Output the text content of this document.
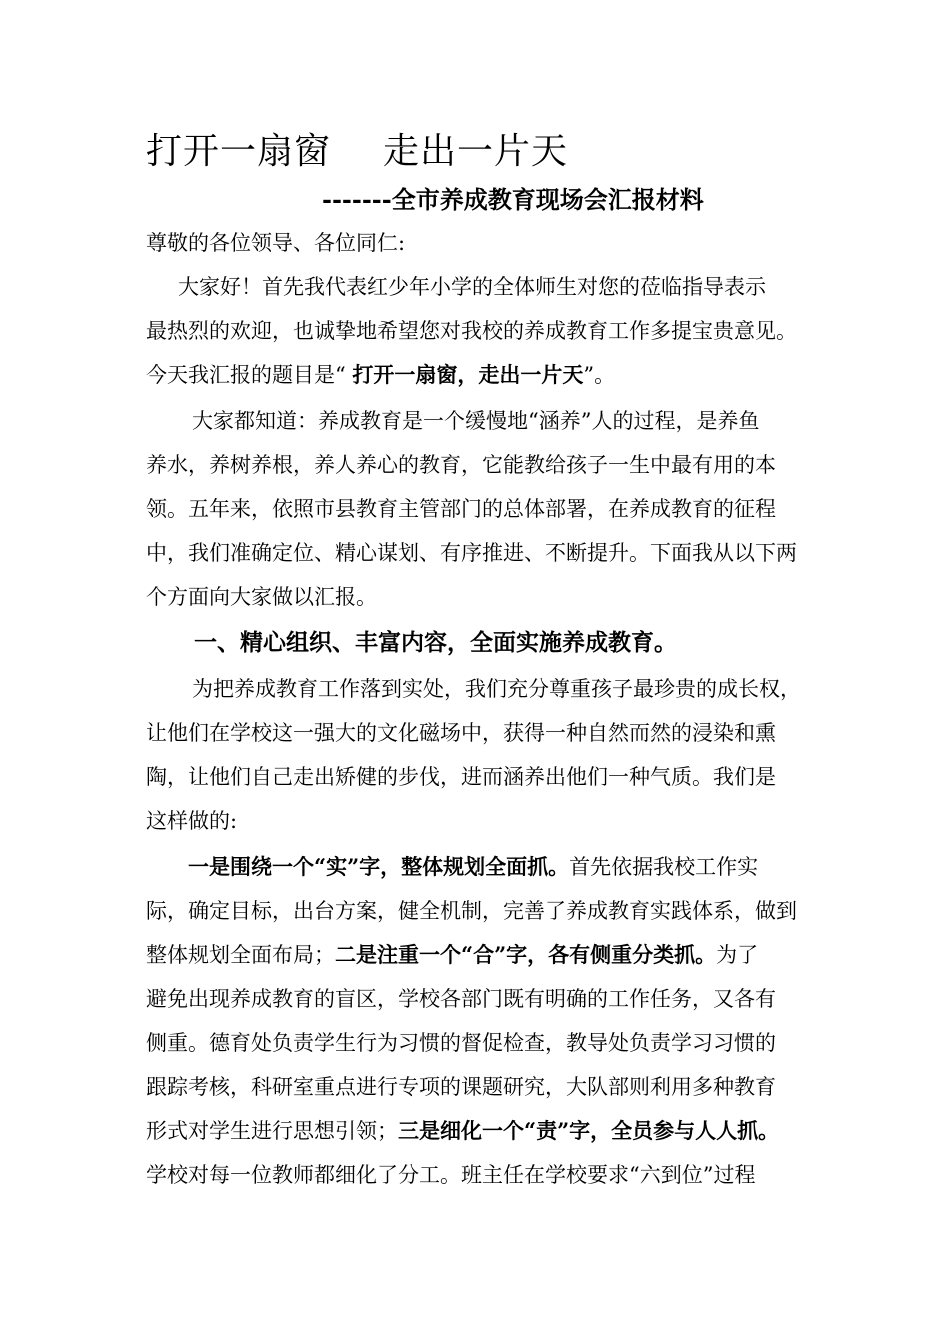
打开一扇窗 走出一片天
-------全市养成教育现场会汇报材料
尊敬的各位领导、各位同仁:
大家好！首先我代表红少年小学的全体师生对您的莅临指导表示
最热烈的欢迎，也诚挚地希望您对我校的养成教育工作多提宝贵意见。
今天我汇报的题目是“ 打开一扇窗，走出一片天”。
大家都知道：养成教育是一个缓慢地“涵养”人的过程，是养鱼
养水，养树养根，养人养心的教育，它能教给孩子一生中最有用的本
领。五年来，依照市县教育主管部门的总体部署，在养成教育的征程
中，我们准确定位、精心谋划、有序推进、不断提升。下面我从以下两
个方面向大家做以汇报。
一、精心组织、丰富内容，全面实施养成教育。
为把养成教育工作落到实处，我们充分尊重孩子最珍贵的成长权，
让他们在学校这一强大的文化磁场中，获得一种自然而然的浸染和熏
陶，让他们自己走出矫健的步伐，进而涵养出他们一种气质。我们是
这样做的:
一是围绕一个“实”字，整体规划全面抓。首先依据我校工作实
际，确定目标，出台方案，健全机制，完善了养成教育实践体系，做到
整体规划全面布局；二是注重一个“合”字，各有侧重分类抓。为了
避免出现养成教育的盲区，学校各部门既有明确的工作任务，又各有
侧重。德育处负责学生行为习惯的督促检查，教导处负责学习习惯的
跟踪考核，科研室重点进行专项的课题研究，大队部则利用多种教育
形式对学生进行思想引领；三是细化一个“责”字，全员参与人人抓。
学校对每一位教师都细化了分工。班主任在学校要求“六到位”过程
